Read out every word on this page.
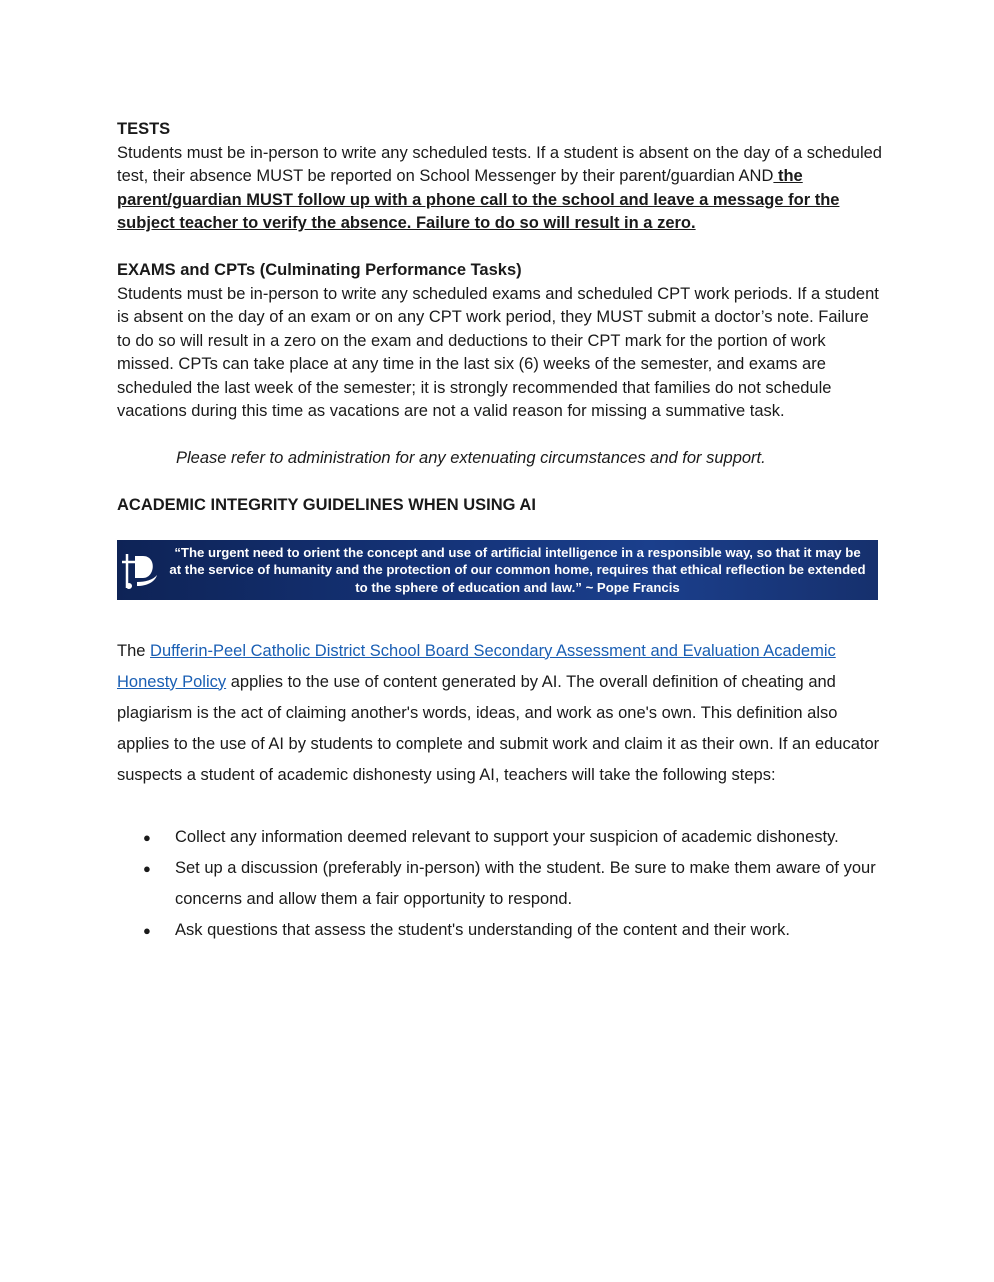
TESTS

Students must be in-person to write any scheduled tests. If a student is absent on the day of a scheduled test, their absence MUST be reported on School Messenger by their parent/guardian AND the parent/guardian MUST follow up with a phone call to the school and leave a message for the subject teacher to verify the absence. Failure to do so will result in a zero.

EXAMS and CPTs (Culminating Performance Tasks)

Students must be in-person to write any scheduled exams and scheduled CPT work periods. If a student is absent on the day of an exam or on any CPT work period, they MUST submit a doctor’s note. Failure to do so will result in a zero on the exam and deductions to their CPT mark for the portion of work missed. CPTs can take place at any time in the last six (6) weeks of the semester, and exams are scheduled the last week of the semester; it is strongly recommended that families do not schedule vacations during this time as vacations are not a valid reason for missing a summative task.

Please refer to administration for any extenuating circumstances and for support.

ACADEMIC INTEGRITY GUIDELINES WHEN USING AI

“The urgent need to orient the concept and use of artificial intelligence in a responsible way, so that it may be at the service of humanity and the protection of our common home, requires that ethical reflection be extended to the sphere of education and law.” ~ Pope Francis

The Dufferin-Peel Catholic District School Board Secondary Assessment and Evaluation Academic Honesty Policy applies to the use of content generated by AI. The overall definition of cheating and plagiarism is the act of claiming another's words, ideas, and work as one's own. This definition also applies to the use of AI by students to complete and submit work and claim it as their own. If an educator suspects a student of academic dishonesty using AI, teachers will take the following steps:

● Collect any information deemed relevant to support your suspicion of academic dishonesty.
● Set up a discussion (preferably in-person) with the student. Be sure to make them aware of your concerns and allow them a fair opportunity to respond.
● Ask questions that assess the student's understanding of the content and their work.
